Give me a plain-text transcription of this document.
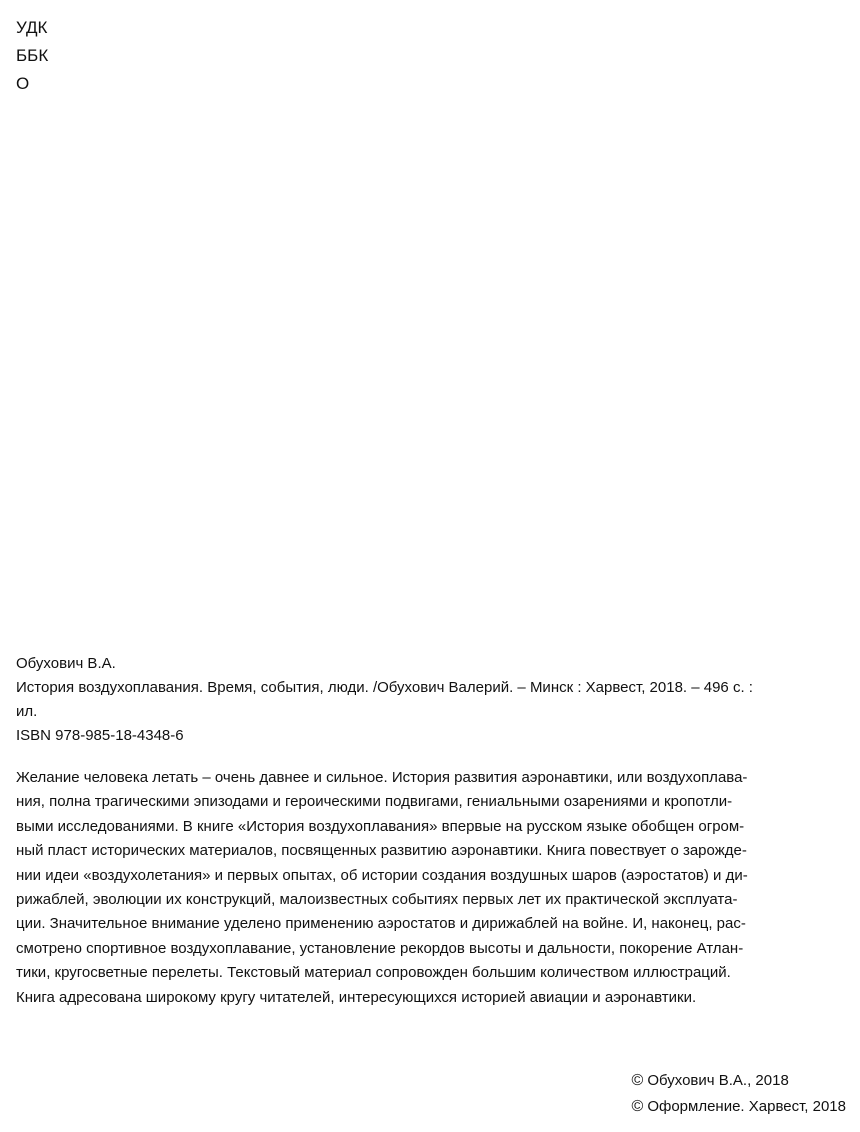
УДК
ББК
О
Обухович В.А.
История воздухоплавания. Время, события, люди. /Обухович Валерий. – Минск : Харвест, 2018. – 496 с. :
ил.
ISBN 978-985-18-4348-6
Желание человека летать – очень давнее и сильное. История развития аэронавтики, или воздухоплава-
ния, полна трагическими эпизодами и героическими подвигами, гениальными озарениями и кропотли-
выми исследованиями. В книге «История воздухоплавания» впервые на русском языке обобщен огром-
ный пласт исторических материалов, посвященных развитию аэронавтики. Книга повествует о зарожде-
нии идеи «воздухолетания» и первых опытах, об истории создания воздушных шаров (аэростатов) и ди-
рижаблей, эволюции их конструкций, малоизвестных событиях первых лет их практической эксплуата-
ции. Значительное внимание уделено применению аэростатов и дирижаблей на войне. И, наконец, рас-
смотрено спортивное воздухоплавание, установление рекордов высоты и дальности, покорение Атлан-
тики, кругосветные перелеты. Текстовый материал сопровожден большим количеством иллюстраций.
Книга адресована широкому кругу читателей, интересующихся историей авиации и аэронавтики.
© Обухович В.А., 2018
© Оформление. Харвест, 2018
